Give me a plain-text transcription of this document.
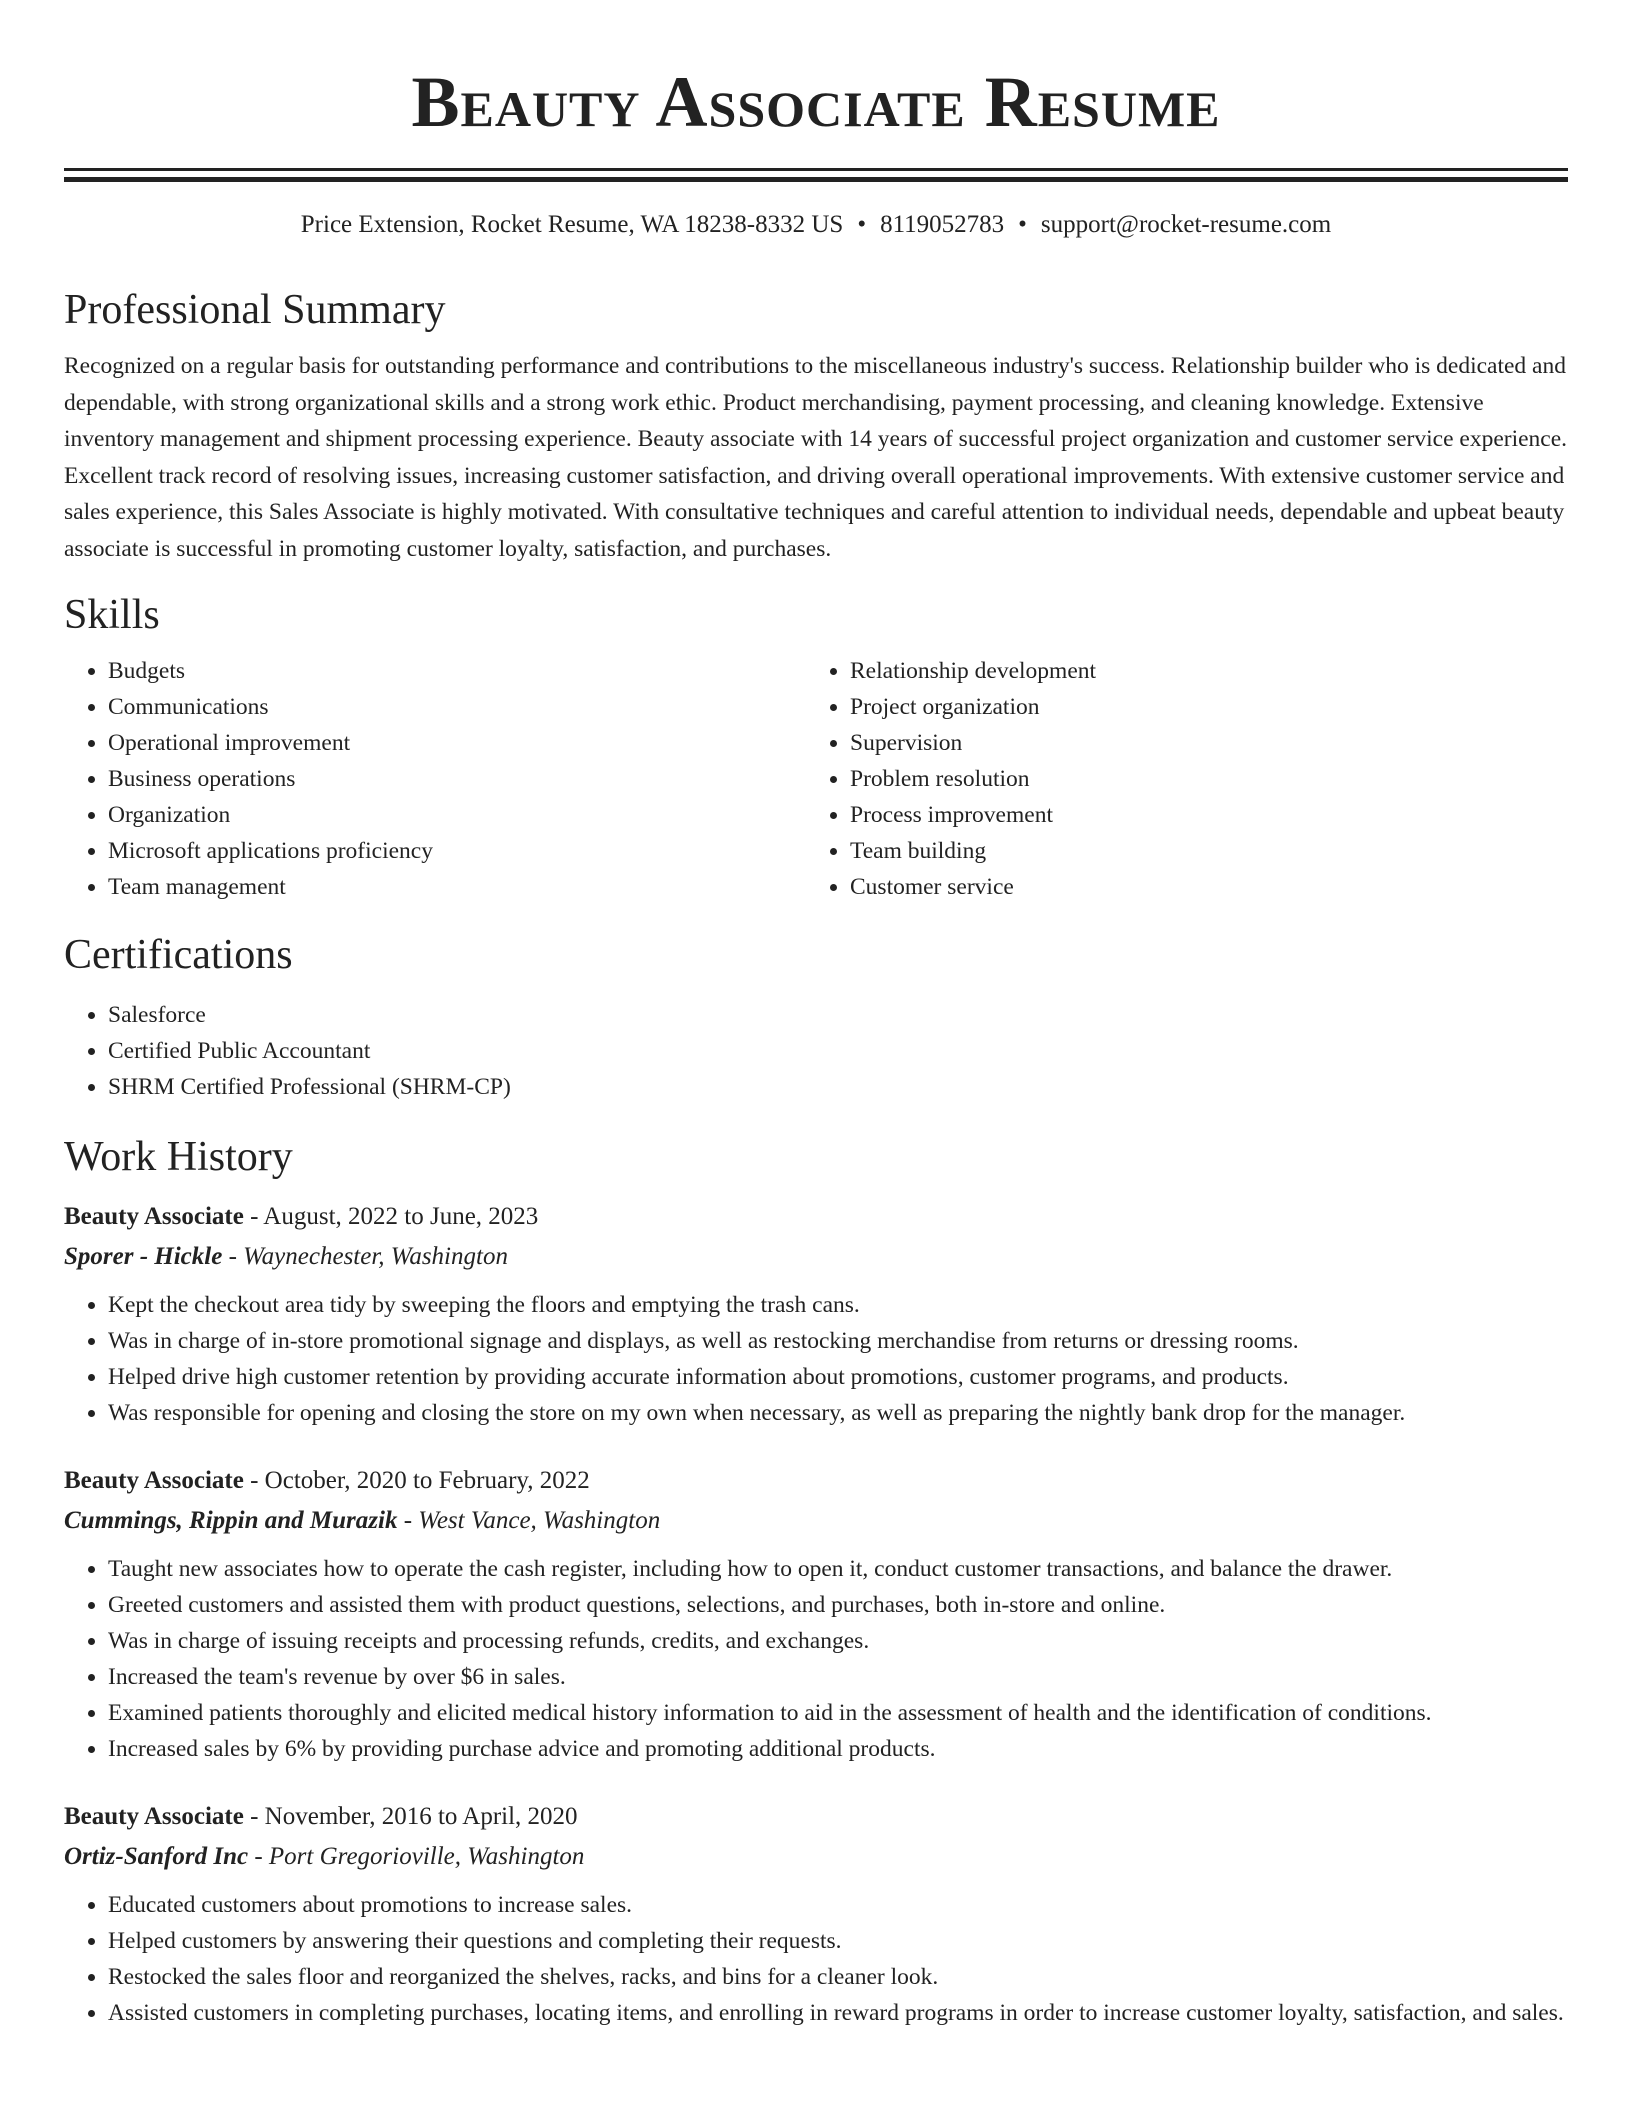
Beauty Associate Resume
Price Extension, Rocket Resume, WA 18238-8332 US • 8119052783 • support@rocket-resume.com
Professional Summary

Recognized on a regular basis for outstanding performance and contributions to the miscellaneous industry's success. Relationship builder who is dedicated and dependable, with strong organizational skills and a strong work ethic. Product merchandising, payment processing, and cleaning knowledge. Extensive inventory management and shipment processing experience. Beauty associate with 14 years of successful project organization and customer service experience. Excellent track record of resolving issues, increasing customer satisfaction, and driving overall operational improvements. With extensive customer service and sales experience, this Sales Associate is highly motivated. With consultative techniques and careful attention to individual needs, dependable and upbeat beauty associate is successful in promoting customer loyalty, satisfaction, and purchases.

Skills
• Budgets
• Communications
• Operational improvement
• Business operations
• Organization
• Microsoft applications proficiency
• Team management
• Relationship development
• Project organization
• Supervision
• Problem resolution
• Process improvement
• Team building
• Customer service
Certifications
• Salesforce
• Certified Public Accountant
• SHRM Certified Professional (SHRM-CP)
Work History
Beauty Associate - August, 2022 to June, 2023
Sporer - Hickle - Waynechester, Washington
• Kept the checkout area tidy by sweeping the floors and emptying the trash cans.
• Was in charge of in-store promotional signage and displays, as well as restocking merchandise from returns or dressing rooms.
• Helped drive high customer retention by providing accurate information about promotions, customer programs, and products.
• Was responsible for opening and closing the store on my own when necessary, as well as preparing the nightly bank drop for the manager.
Beauty Associate - October, 2020 to February, 2022
Cummings, Rippin and Murazik - West Vance, Washington
• Taught new associates how to operate the cash register, including how to open it, conduct customer transactions, and balance the drawer.
• Greeted customers and assisted them with product questions, selections, and purchases, both in-store and online.
• Was in charge of issuing receipts and processing refunds, credits, and exchanges.
• Increased the team's revenue by over $6 in sales.
• Examined patients thoroughly and elicited medical history information to aid in the assessment of health and the identification of conditions.
• Increased sales by 6% by providing purchase advice and promoting additional products.
Beauty Associate - November, 2016 to April, 2020
Ortiz-Sanford Inc - Port Gregorioville, Washington
• Educated customers about promotions to increase sales.
• Helped customers by answering their questions and completing their requests.
• Restocked the sales floor and reorganized the shelves, racks, and bins for a cleaner look.
• Assisted customers in completing purchases, locating items, and enrolling in reward programs in order to increase customer loyalty, satisfaction, and sales.
